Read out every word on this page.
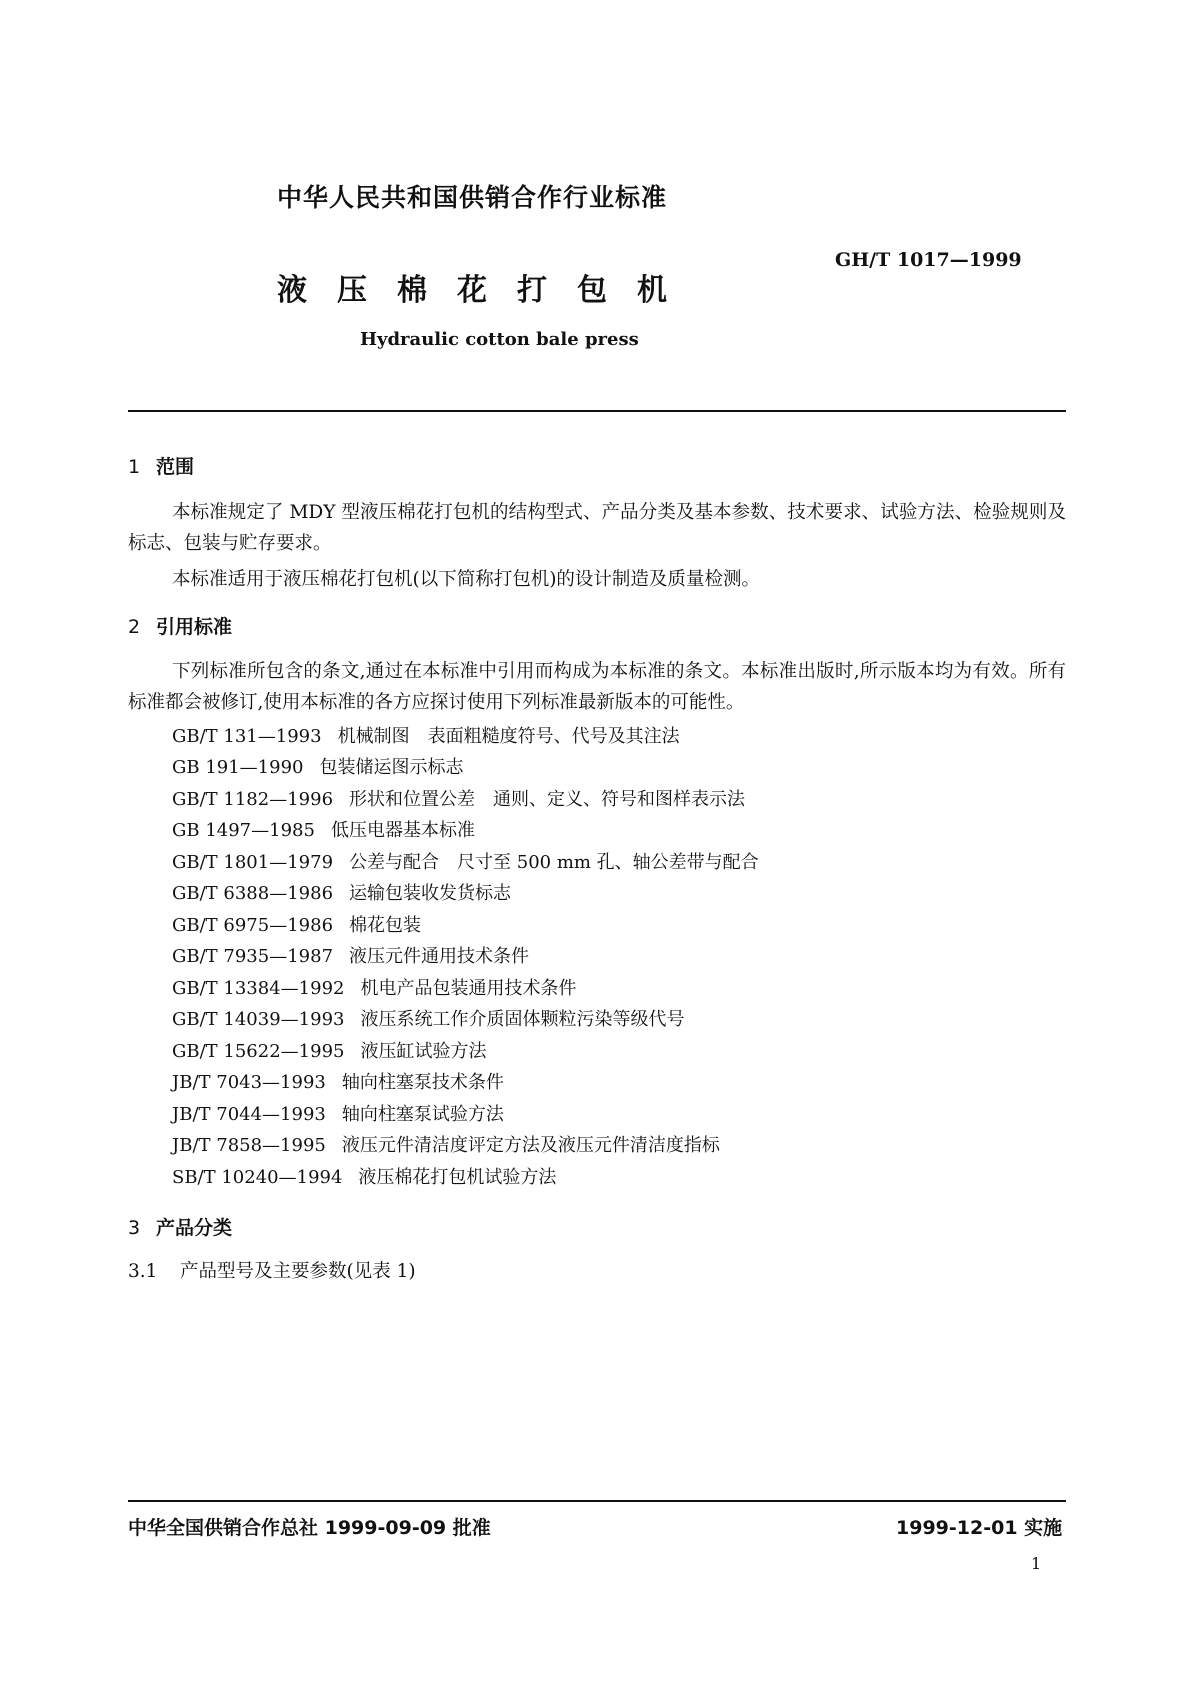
中华人民共和国供销合作行业标准
GH/T 1017—1999
液压棉花打包机
Hydraulic cotton bale press
1 范围
本标准规定了 MDY 型液压棉花打包机的结构型式、产品分类及基本参数、技术要求、试验方法、检验规则及标志、包装与贮存要求。
本标准适用于液压棉花打包机(以下简称打包机)的设计制造及质量检测。
2 引用标准
下列标准所包含的条文,通过在本标准中引用而构成为本标准的条文。本标准出版时,所示版本均为有效。所有标准都会被修订,使用本标准的各方应探讨使用下列标准最新版本的可能性。
GB/T 131—1993 机械制图　表面粗糙度符号、代号及其注法
GB 191—1990 包装储运图示标志
GB/T 1182—1996 形状和位置公差　通则、定义、符号和图样表示法
GB 1497—1985 低压电器基本标准
GB/T 1801—1979 公差与配合　尺寸至 500 mm 孔、轴公差带与配合
GB/T 6388—1986 运输包装收发货标志
GB/T 6975—1986 棉花包装
GB/T 7935—1987 液压元件通用技术条件
GB/T 13384—1992 机电产品包装通用技术条件
GB/T 14039—1993 液压系统工作介质固体颗粒污染等级代号
GB/T 15622—1995 液压缸试验方法
JB/T 7043—1993 轴向柱塞泵技术条件
JB/T 7044—1993 轴向柱塞泵试验方法
JB/T 7858—1995 液压元件清洁度评定方法及液压元件清洁度指标
SB/T 10240—1994 液压棉花打包机试验方法
3 产品分类
3.1 产品型号及主要参数(见表 1)
中华全国供销合作总社 1999-09-09 批准	1999-12-01 实施
1
